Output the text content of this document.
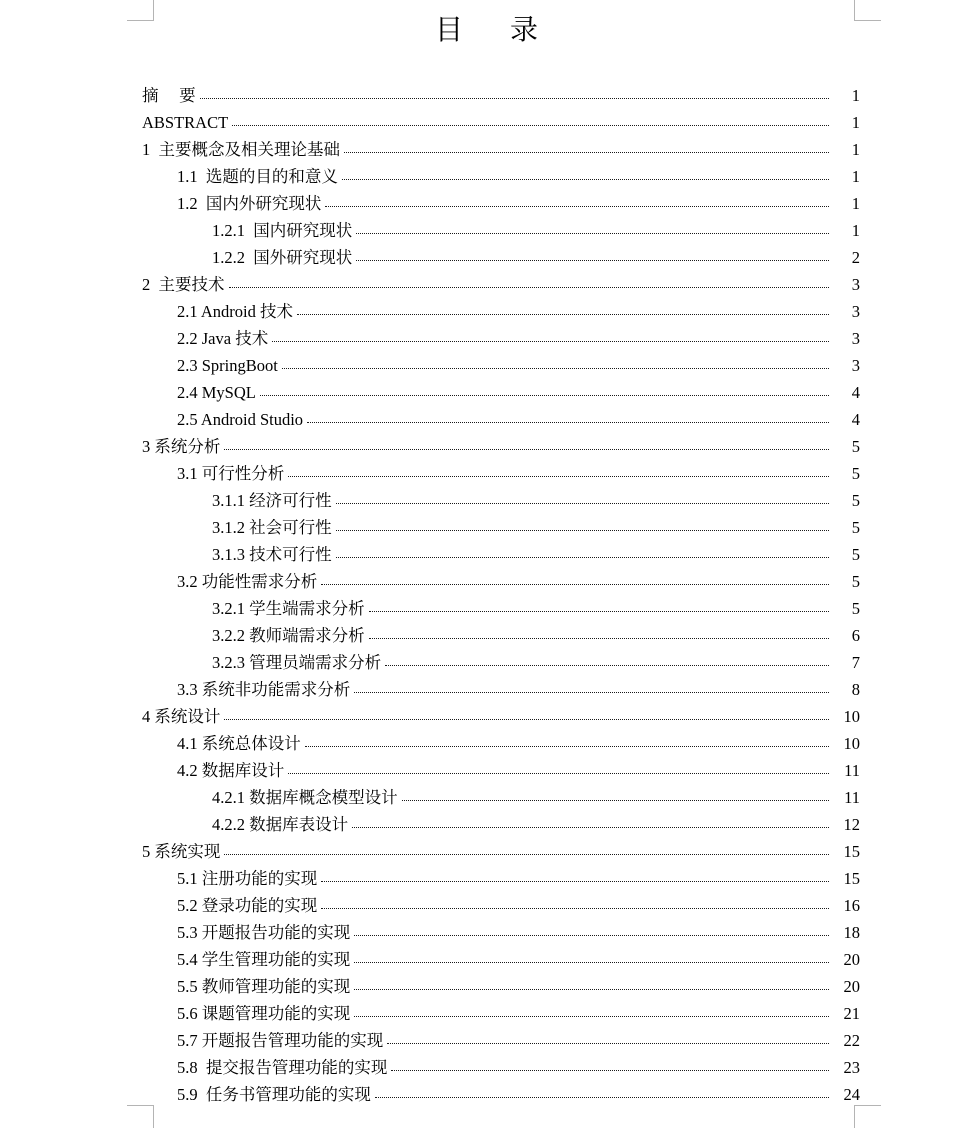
目     录
摘     要	1
ABSTRACT	1
1  主要概念及相关理论基础	1
1.1  选题的目的和意义	1
1.2  国内外研究现状	1
1.2.1  国内研究现状	1
1.2.2  国外研究现状	2
2  主要技术	3
2.1 Android 技术	3
2.2 Java 技术	3
2.3 SpringBoot	3
2.4 MySQL	4
2.5 Android Studio	4
3 系统分析	5
3.1 可行性分析	5
3.1.1 经济可行性	5
3.1.2 社会可行性	5
3.1.3 技术可行性	5
3.2 功能性需求分析	5
3.2.1 学生端需求分析	5
3.2.2 教师端需求分析	6
3.2.3 管理员端需求分析	7
3.3 系统非功能需求分析	8
4 系统设计	10
4.1 系统总体设计	10
4.2 数据库设计	11
4.2.1 数据库概念模型设计	11
4.2.2 数据库表设计	12
5 系统实现	15
5.1 注册功能的实现	15
5.2 登录功能的实现	16
5.3 开题报告功能的实现	18
5.4 学生管理功能的实现	20
5.5 教师管理功能的实现	20
5.6 课题管理功能的实现	21
5.7 开题报告管理功能的实现	22
5.8  提交报告管理功能的实现	23
5.9  任务书管理功能的实现	24
